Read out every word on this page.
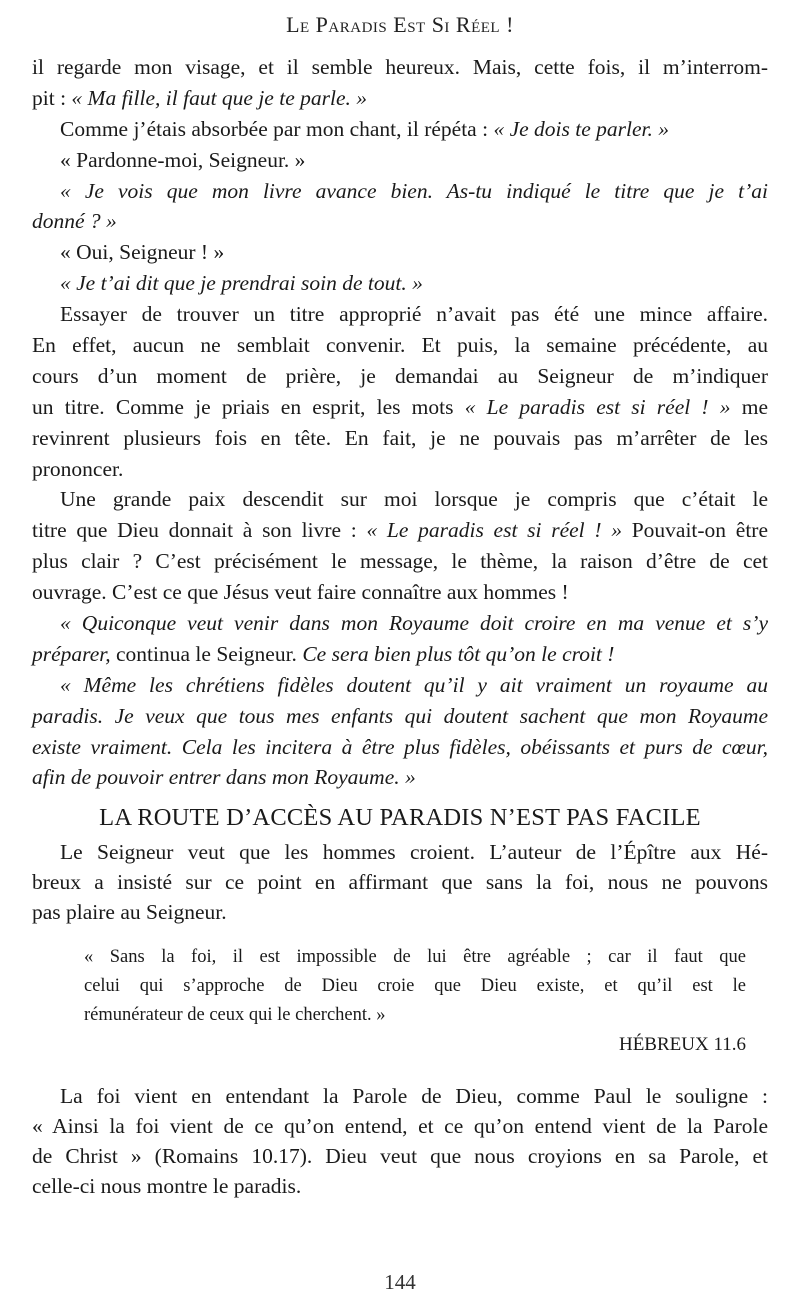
Le Paradis Est Si Réel !
il regarde mon visage, et il semble heureux. Mais, cette fois, il m’interrom-
pit : « Ma fille, il faut que je te parle. »
Comme j’étais absorbée par mon chant, il répéta : « Je dois te parler. »
« Pardonne-moi, Seigneur. »
« Je vois que mon livre avance bien. As-tu indiqué le titre que je t’ai
donné ? »
« Oui, Seigneur ! »
« Je t’ai dit que je prendrai soin de tout. »
Essayer de trouver un titre approprié n’avait pas été une mince affaire.
En effet, aucun ne semblait convenir. Et puis, la semaine précédente, au
cours d’un moment de prière, je demandai au Seigneur de m’indiquer
un titre. Comme je priais en esprit, les mots « Le paradis est si réel ! » me
revinrent plusieurs fois en tête. En fait, je ne pouvais pas m’arrêter de les
prononcer.
Une grande paix descendit sur moi lorsque je compris que c’était le
titre que Dieu donnait à son livre : « Le paradis est si réel ! » Pouvait-on être
plus clair ? C’est précisément le message, le thème, la raison d’être de cet
ouvrage. C’est ce que Jésus veut faire connaître aux hommes !
« Quiconque veut venir dans mon Royaume doit croire en ma venue et s’y
préparer, continua le Seigneur. Ce sera bien plus tôt qu’on le croit !
« Même les chrétiens fidèles doutent qu’il y ait vraiment un royaume au
paradis. Je veux que tous mes enfants qui doutent sachent que mon Royaume
existe vraiment. Cela les incitera à être plus fidèles, obéissants et purs de cœur,
afin de pouvoir entrer dans mon Royaume. »
LA ROUTE D’ACCÈS AU PARADIS N’EST PAS FACILE
Le Seigneur veut que les hommes croient. L’auteur de l’Épître aux Hé-
breux a insisté sur ce point en affirmant que sans la foi, nous ne pouvons
pas plaire au Seigneur.
« Sans la foi, il est impossible de lui être agréable ; car il faut que
celui qui s’approche de Dieu croie que Dieu existe, et qu’il est le
rémunérateur de ceux qui le cherchent. »
HÉBREUX 11.6
La foi vient en entendant la Parole de Dieu, comme Paul le souligne :
« Ainsi la foi vient de ce qu’on entend, et ce qu’on entend vient de la Parole
de Christ » (Romains 10.17). Dieu veut que nous croyions en sa Parole, et
celle-ci nous montre le paradis.
144
